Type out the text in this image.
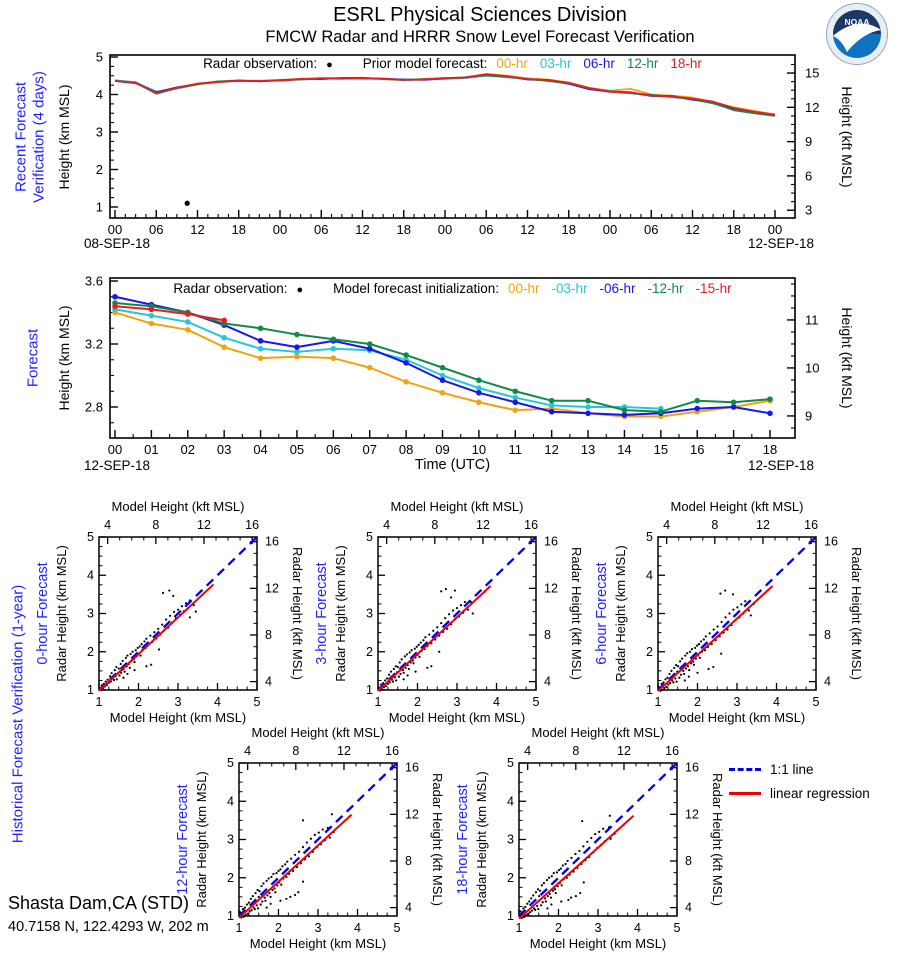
ESRL Physical Sciences Division
FMCW Radar and HRRR Snow Level Forecast Verification
NOAA
00 06 12 18 00 06 12 18 00 06 12 18 00 06 12 18 00
1
2
3
4
5
3
6
9
12
15
00 01 02 03 04 05 06 07 08 09 10 11 12 13 14 15 16 17 18
2.8
3.2
3.6
9
10
11
1
1
2
2
3
3
4
4
5
5
4
4
8
8
12
12
16
16
Model Height (kft MSL)
Model Height (km MSL)
Radar Height (km MSL)
0-hour Forecast	Radar Height (kft MSL)
1
1
2
2
3
3
4
4
5
5
4
4
8
8
12
12
16
16
Model Height (kft MSL)
Model Height (km MSL)
Radar Height (km MSL)
3-hour Forecast	Radar Height (kft MSL)
1
1
2
2
3
3
4
4
5
5
4
4
8
8
12
12
16
16
Model Height (kft MSL)
Model Height (km MSL)
Radar Height (km MSL)
6-hour Forecast	Radar Height (kft MSL)
1
1
2
2
3
3
4
4
5
5
4
4
8
8
12
12
16
16
Model Height (kft MSL)
Model Height (km MSL)
Radar Height (km MSL)
12-hour Forecast	Radar Height (kft MSL)
1
1
2
2
3
3
4
4
5
5
4
4
8
8
12
12
16
16
Model Height (kft MSL)
Model Height (km MSL)
Radar Height (km MSL)
18-hour Forecast	Radar Height (kft MSL)
Recent Forecast Verification (4 days) Height (km MSL)	Height (kft MSL)
Radar observation: ● Prior model forecast: 00-hr 03-hr 06-hr 12-hr 18-hr
08-SEP-18	12-SEP-18
Forecast Height (km MSL)	Height (kft MSL)
Radar observation: ● Model forecast initialization: 00-hr -03-hr -06-hr -12-hr -15-hr
12-SEP-18	12-SEP-18
Time (UTC)
Historical Forecast Verification (1-year)	1:1 line
linear regression
Shasta Dam,CA (STD)
40.7158 N, 122.4293 W, 202 m
